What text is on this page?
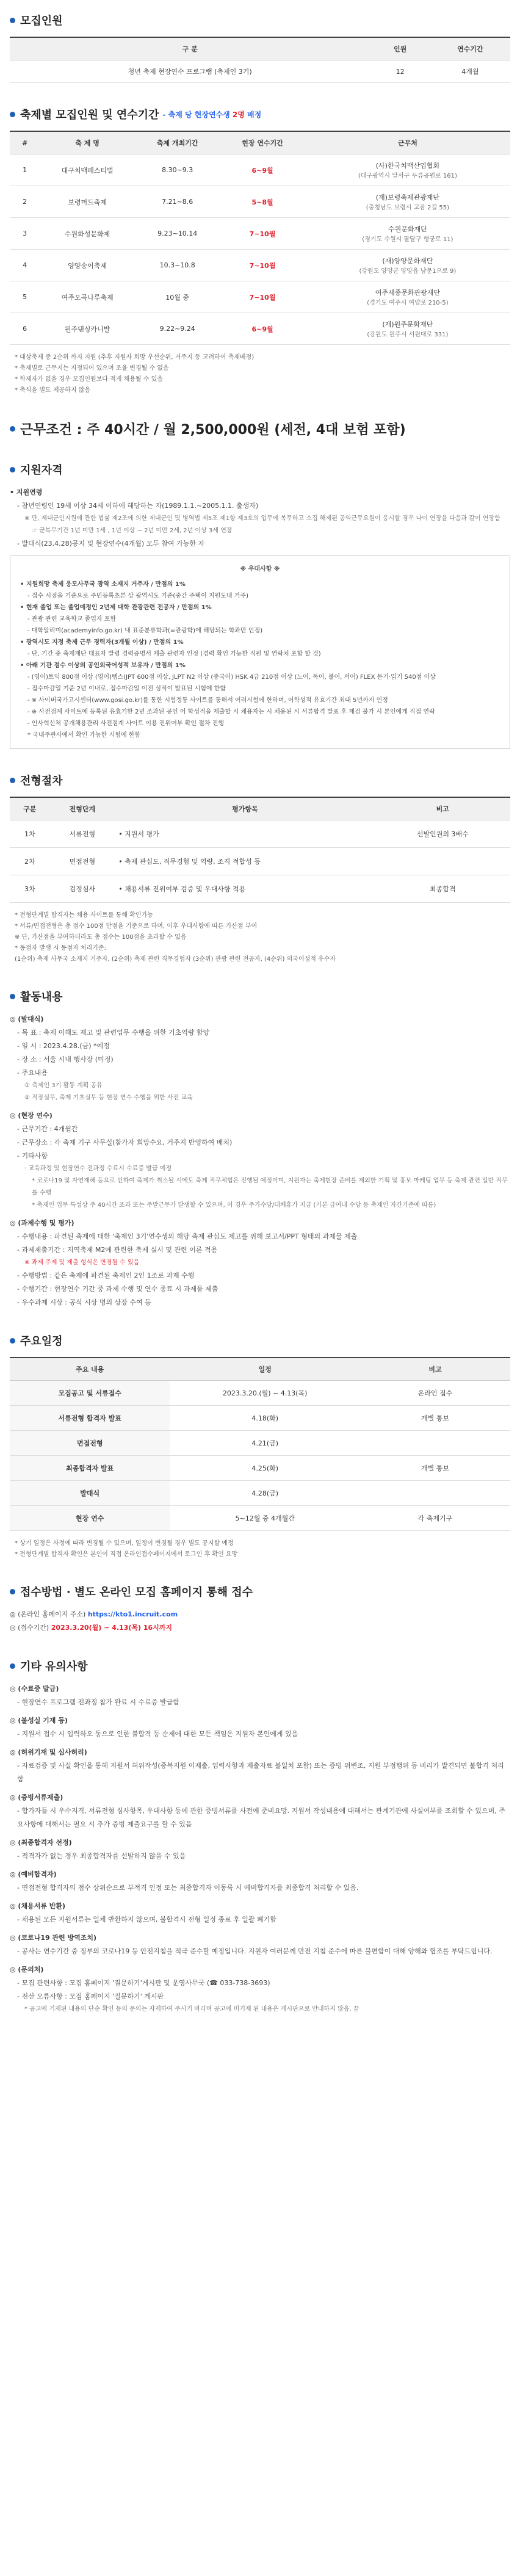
모집인원
구 분	인원	연수기간
청년 축제 현장연수 프로그램 (축제인 3기)	12	4개월
축제별 모집인원 및 연수기간 - 축제 당 현장연수생 2명 배정
#	축 제 명	축제 개최기간	현장 연수기간	근무처
1	대구치맥페스티벌	8.30~9.3	6~9월	(사)한국치맥산업협회
(대구광역시 달서구 두류공원로 161)

2	보령머드축제	7.21~8.6	5~8월	(재)보령축제관광재단
(충청남도 보령시 고잠 2길 55)

3	수원화성문화제	9.23~10.14	7~10월	수원문화재단
(경기도 수원시 팔달구 행궁로 11)

4	양양송이축제	10.3~10.8	7~10월	(재)양양문화재단
(강원도 양양군 양양읍 남문1으로 9)

5	여주오곡나루축제	10월 중	7~10월	여주세종문화관광재단
(경기도 여주시 여양로 210-5)

6	원주댄싱카니발	9.22~9.24	6~9월	(재)원주문화재단
(강원도 원주시 서원대로 331)
* 대상축제 중 2순위 까지 지원 (추후 지원자 희망 우선순위, 거주지 등 고려하여 축제배정)
* 축제별로 근무지는 지정되어 있으며 조율 변경될 수 없음
* 학제자가 없을 경우 모집인원보다 적게 채용될 수 있음
* 축식을 별도 제공하지 않음
근무조건 : 주 40시간 / 월 2,500,000원 (세전, 4대 보험 포함)
지원자격
• 지원연령
- 참년연령인 19세 이상 34세 이하에 해당하는 자(1989.1.1.~2005.1.1. 출생자)
※ 단, 제대군인지원에 관한 법률 제2조에 의한 제대군인 및 병역법 제5조 제1항 제3호의 업무에 복무하고 소집 해제된 공익근무요원이 응시할 경우 나이 연장을 다음과 같이 연장함
☞ 군복무기간 1년 미만 1세 , 1년 이상 ~ 2년 미만 2세, 2년 이상 3세 연장
- 발대식(23.4.28)공지 및 현장연수(4개월) 모두 참여 가능한 자
※ 우대사항 ※
• 지원희망 축제 응모사무국 광역 소재지 거주자 / 만점의 1%
- 접수 시점을 기준으로 주민등록초본 상 광역시도 기준(중간 주택이 지원도내 거주)
• 현재 졸업 또는 졸업예정인 2년제 대학 관광관련 전공자 / 만점의 1%
- 관광 관련 교육학교 졸업자 포함
- 대학알리미(academyinfo.go.kr) 내 표준분류학과(=관광학)에 해당되는 학과만 인정)
• 광역시도 지정 축제 근무 경력자(3개월 이상) / 만점의 1%
- 단, 기간 중 축제재단 대표자 발령 경력증명서 제출 관련자 인정 (경력 확인 가능한 직원 및 연락처 포함 할 것)
• 아래 기관 점수 이상의 공인외국어성적 보유자 / 만점의 1%
- (영어)토익 800점 이상 (영어)텝스(JPT 600점 이상, JLPT N2 이상 (중국어) HSK 4급 210점 이상 (노어, 독어, 불어, 서어) FLEX 듣기·읽기 540점 이상
- 접수마감일 기준 2년 이내로, 접수마감일 이전 성적이 발표된 시험에 한함
- ※ 사이버국가고시센터(www.gosi.go.kr)를 통한 시험정통 사이트를 통해서 여러시험에 한하며, 어학성적 유효기간 최대 5년까지 인정
- ※ 사전점계 사이트에 등록된 유효기한 2년 조과된 공인 어 학성적을 제출할 시 채용자는 시 채용된 시 서류합격 발표 후 재검 불가 시 본인에게 직접 연락
- 인사혁신처 공개채용관리 사전점계 사이트 이용 진위여부 확인 절차 진행
* 국내주관사에서 확인 가능한 시험에 한함
전형절차
구분	전형단계	평가항목	비고
1차	서류전형	• 지원서 평가	선발인원의 3배수
2차	면접전형	• 축제 관심도, 직무경험 및 역량, 조직 적합성 등	
3차	검정심사	• 채용서류 진위여부 검증 및 우대사항 적용	최종합격
* 전형단계별 합격자는 채용 사이트를 통해 확인가능
* 서류/면접전형은 총 점수 100점 만점을 기준으로 하며, 이후 우대사항에 따른 가산점 부여
※ 단, 가산점을 부여하더라도 총 점수는 100점을 초과할 수 없음
* 동점자 발생 시 동점자 처리기준:
(1순위) 축제 사무국 소재지 거주자, (2순위) 축제 관련 직무경험자 (3순위) 관광 관련 전공자, (4순위) 외국어성적 우수자
활동내용
◎ (발대식)
- 목 표 : 축제 이해도 제고 및 관련업무 수행을 위한 기초역량 함양
- 일 시 : 2023.4.28.(금) *예정
- 장 소 : 서울 시내 행사장 (미정)
- 주요내용
① 축제인 3기 활동 계획 공유
② 직장실무, 축제 기초실무 등 현장 연수 수행을 위한 사전 교육
◎ (현장 연수)
- 근무기간 : 4개월간
- 근무장소 : 각 축제 기구 사무실(참가자 희망수요, 거주지 반영하여 배치)
- 기타사항
· 교육과정 및 현장연수 전과정 수료시 수료증 발급 예정
* 코로나19 및 자연재해 등으로 인하여 축제가 취소될 시에도 축제 직무체험은 진행될 예정이며, 지원자는 축제현장 준비를 제외한 기획 및 홍보 마케팅 업무 등 축제 관련 일반 직무를 수행
* 축제인 업무 특성상 주 40시간 조과 또는 주말근무가 발생할 수 있으며, 이 경우 주가수당/대체휴가 지급 (기본 급여내 수당 등 축제인 자간기준에 따름)
◎ (과제수행 및 평가)
- 수행내용 : 파견된 축제에 대한 '축제인 3기'연수생의 해당 축제 관심도 제고를 위해 보고서/PPT 형태의 과제물 제출
- 과제제출기간 : 지역축제 M2에 관련한 축제 실시 및 관련 이론 적용
※ 과제 주제 및 제출 형식은 변경될 수 있음
- 수행방법 : 같은 축제에 파견된 축제인 2인 1조로 과제 수행
- 수행기간 : 현장연수 기간 중 과제 수행 및 연수 종료 시 과제물 제출
- 우수과제 시상 : 공식 시상 명의 상장 수여 등
주요일정
주요 내용	일정	비고
모집공고 및 서류접수	2023.3.20.(월) ~ 4.13(목)	온라인 접수
서류전형 합격자 발표	4.18(화)	개별 통보
면접전형	4.21(금)	
최종합격자 발표	4.25(화)	개별 통보
발대식	4.28(금)	
현장 연수	5~12월 중 4개월간	각 축제기구
* 상기 일정은 사정에 따라 변경될 수 있으며, 일정이 변경될 경우 별도 공지할 예정
* 전형단계별 합격자 확인은 본인이 직접 온라인접수페이지에서 로그인 후 확인 요망
접수방법 · 별도 온라인 모집 홈페이지 통해 접수
◎ (온라인 홈페이지 주소) https://kto1.incruit.com
◎ (접수기간) 2023.3.20(월) ~ 4.13(목) 16시까지
기타 유의사항
◎ (수료증 발급)
- 현장연수 프로그램 전과정 참가 완료 시 수료증 발급함
◎ (불성실 기재 등)
- 지원서 접수 시 입력하오 동으로 인한 불합격 등 순제에 대한 모든 책임은 지원자 본인에게 있음
◎ (허위기재 및 심사허리)
- 자료검증 및 사실 확인을 통해 지원서 허위작성(중복지원 이제출, 입력사항과 제출자료 불일치 포함) 또는 증빙 위변조, 지원 부정행위 등 비리가 발견되면 불합격 처리함
◎ (증빙서류제출)
- 합가자들 시 우수지격, 서류전형 심사항목, 우대사항 등에 관한 증빙서류를 사전에 준비요망. 지원서 작성내용에 대해서는 관계기관에 사실여부를 조회할 수 있으며, 주요사항에 대해서는 필요 시 추가 증빙 제출요구를 할 수 있음
◎ (최종합격자 선정)
- 적격자가 없는 경우 최종합격자를 선발하지 않을 수 있음
◎ (예비합격자)
- 면접전형 합격자의 점수 상위순으로 부적격 인정 또는 최종합격자 이동륙 시 예비합격자를 최종합격 처리할 수 있음.
◎ (채용서류 반환)
- 채용된 모든 지원서류는 일체 반환하지 않으며, 불합격시 전형 일정 종료 후 일괄 폐기함
◎ (코로나19 관련 방역조치)
- 공사는 연수기간 중 정부의 코로나19 등 안전지침을 적극 준수할 예정입니다. 지원자 여러분께 만전 지침 준수에 따른 불편함이 대해 양해와 협조를 부탁드립니다.
◎ (문의처)
- 모집 관련사항 : 모집 홈페이지 '질문하기'게시판 및 운영사무국 (☎ 033-738-3693)
- 전산 오류사항 : 모집 홈페이지 '질문하기' 게시판
* 공고에 기재된 내용의 단순 확인 등의 문의는 자제하여 주시기 바라며 공고에 미기재 된 내용은 게시판으로 안내하지 않음. 끝
